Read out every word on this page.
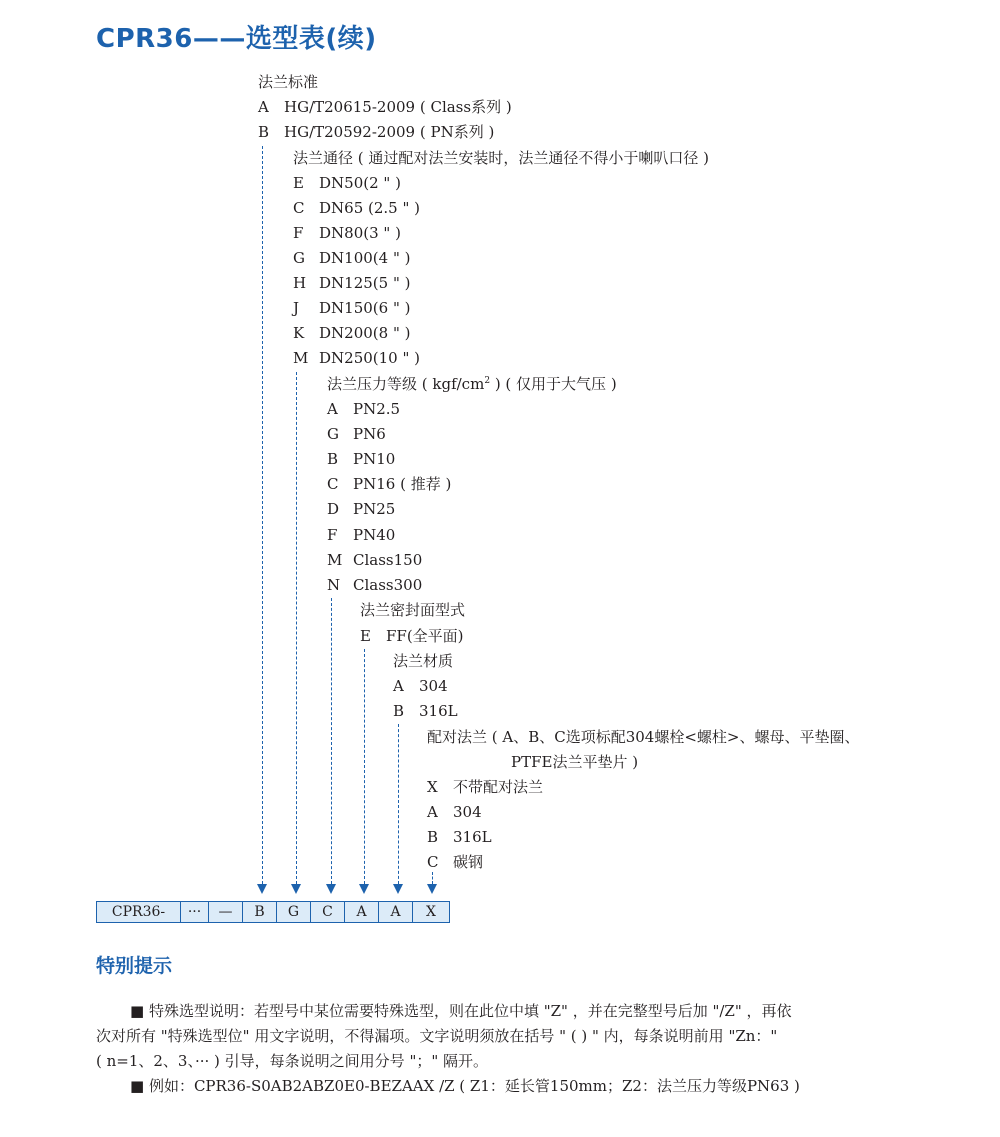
CPR36——选型表(续)
法兰标准
A HG/T20615-2009 ( Class系列 )
B HG/T20592-2009 ( PN系列 )
法兰通径 ( 通过配对法兰安装时，法兰通径不得小于喇叭口径 )
E DN50(2 " )
C DN65 (2.5 " )
F DN80(3 " )
G DN100(4 " )
H DN125(5 " )
J DN150(6 " )
K DN200(8 " )
M DN250(10 " )
法兰压力等级 ( kgf/$cm^2$ ) ( 仅用于大气压 )
A PN2.5
G PN6
B PN10
C PN16 ( 推荐 )
D PN25
F PN40
M Class150
N Class300
法兰密封面型式
E FF(全平面)
法兰材质
A 304
B 316L
配对法兰 ( A、B、C选项标配304螺栓<螺柱>、螺母、平垫圈、
PTFE法兰平垫片 )
X 不带配对法兰
A 304
B 316L
C 碳钢
CPR36-	···	—	B	G	C	A	A	X
特别提示
■ 特殊选型说明：若型号中某位需要特殊选型，则在此位中填 "Z" ，并在完整型号后加 "/Z" ，再依
次对所有 "特殊选型位" 用文字说明，不得漏项。文字说明须放在括号 " ( ) " 内，每条说明前用 "Zn："
( n=1、2、3、··· ) 引导，每条说明之间用分号 "；" 隔开。
■ 例如：CPR36-S0AB2ABZ0E0-BEZAAX /Z ( Z1：延长管150mm；Z2：法兰压力等级PN63 )
